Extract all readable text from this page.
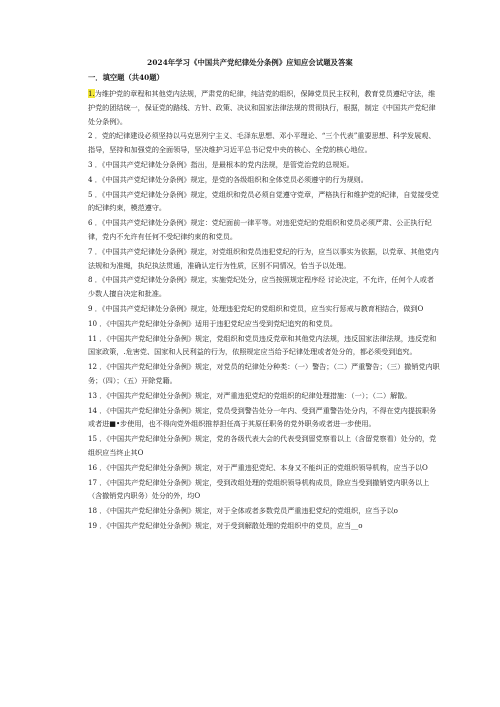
2024年学习《中国共产党纪律处分条例》应知应会试题及答案
一．填空题（共40题）

1.为维护党的章程和其他党内法规，严肃党的纪律，纯洁党的组织，保障党员民主权利，教育党员遵纪守法，维护党的团结统一，保证党的路线、方针、政策、决议和国家法律法规的贯彻执行，根据，制定《中国共产党纪律处分条例》。

2 ．党的纪律建设必须坚持以马克思列宁主义、毛泽东思想、邓小平理论、“三个代表”重要思想、科学发展观、指导，坚持和加强党的全面领导，坚决维护习近平总书记党中央的核心、全党的核心地位。

3 ．《中国共产党纪律处分条例》指出，是最根本的党内法规，是管党治党的总规矩。

4 ．《中国共产党纪律处分条例》规定，是党的各级组织和全体党员必须遵守的行为规则。

5 ．《中国共产党纪律处分条例》规定，党组织和党员必须自觉遵守党章，严格执行和维护党的纪律，自觉接受党的纪律约束，模范遵守。

6 ．《中国共产党纪律处分条例》规定：党纪面前一律平等。对违犯党纪的党组织和党员必须严肃、公正执行纪律，党内不允许有任何不受纪律约束的和党员。

7 ．《中国共产党纪律处分条例》规定，对党组织和党员违犯党纪的行为，应当以事实为依据，以党章、其他党内法规和为准绳，执纪执法贯通，准确认定行为性质，区别不同情况，恰当予以处理。

8 ．《中国共产党纪律处分条例》规定，实施党纪处分，应当按照规定程序经 讨论决定，不允许，任何个人或者少数人擅自决定和批准。

9 ．《中国共产党纪律处分条例》规定，处理违犯党纪的党组织和党员，应当实行惩戒与教育相结合，做到O

10 ．《中国共产党纪律处分条例》适用于违犯党纪应当受到党纪追究的和党员。

11 ．《中国共产党纪律处分条例》规定，党组织和党员违反党章和其他党内法规，违反国家法律法规，违反党和国家政策，.危害党、国家和人民利益的行为，依照规定应当给予纪律处理或者处分的，都必须受到追究。

12 ．《中国共产党纪律处分条例》规定，对党员的纪律处分种类：（一）警告；（二）严重警告；（三）撤销党内职务；（四）；（五）开除党籍。

13 ．《中国共产党纪律处分条例》规定，对严重违犯党纪的党组织的纪律处理措施：（一）；（二）解散。

14 ．《中国共产党纪律处分条例》规定，党员受到警告处分一年内、受到严重警告处分内，不得在党内提拔职务或者进■•步使用，也不得向党外组织推荐担任高于其原任职务的党外职务或者进一步使用。

15 ．《中国共产党纪律处分条例》规定，党的各级代表大会的代表受到留党察看以上（含留党察看）处分的，党组织应当终止其O

16 ．《中国共产党纪律处分条例》规定，对于严重违犯党纪、本身又不能纠正的党组织领导机构，应当予以O

17 ．《中国共产党纪律处分条例》规定，受到改组处理的党组织领导机构成员，除应当受到撤销党内职务以上（含撤销党内职务）处分的外，均O

18 ．《中国共产党纪律处分条例》规定，对于全体或者多数党员严重违犯党纪的党组织，应当予以o

19 ．《中国共产党纪律处分条例》规定，对于受到解散处理的党组织中的党员，应当__o
